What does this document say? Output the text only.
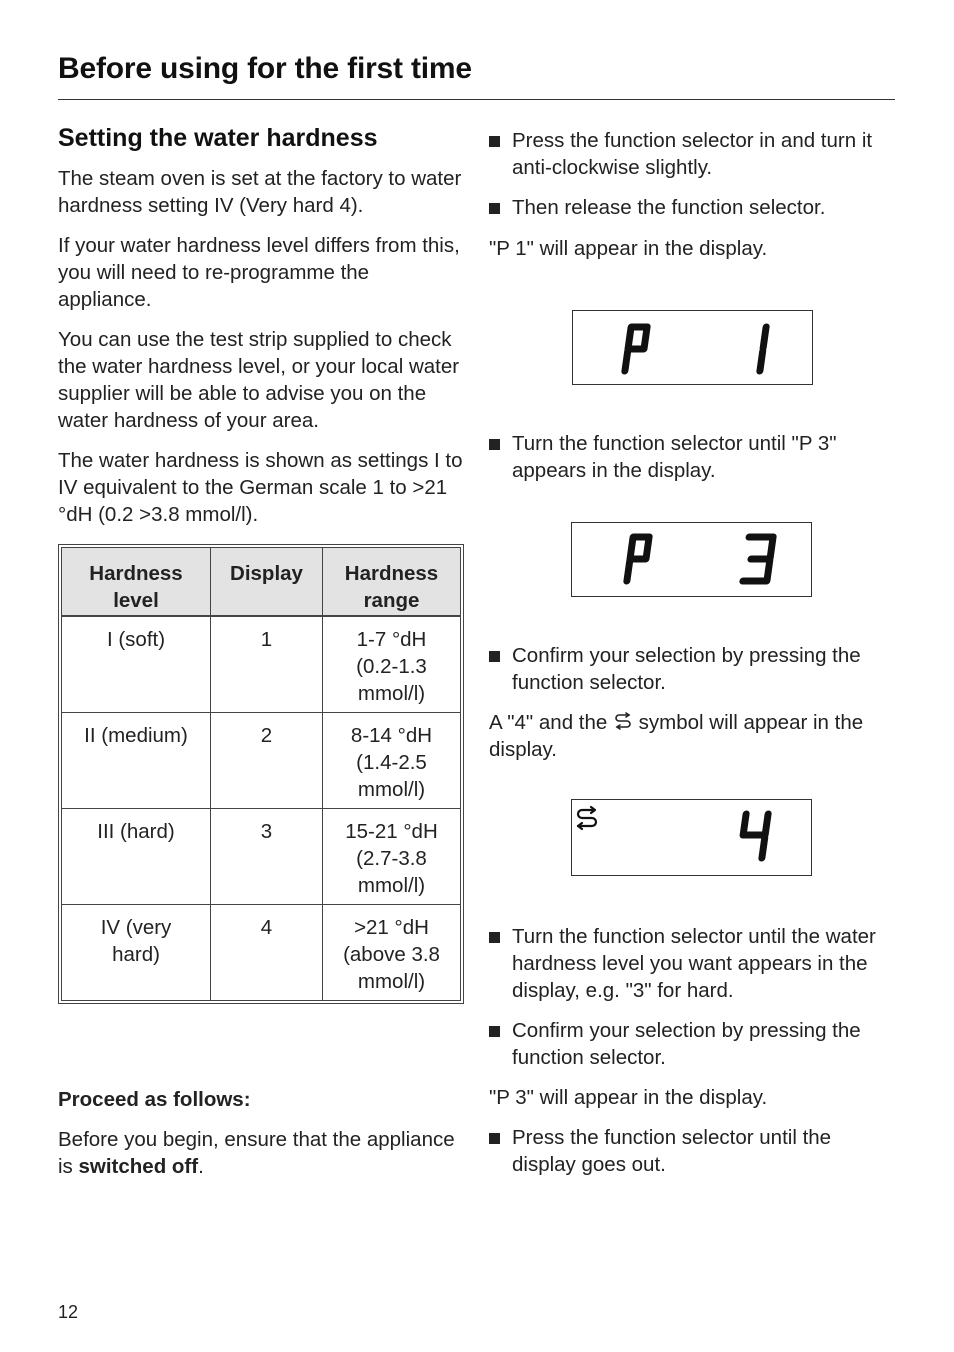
Before using for the first time
Setting the water hardness

The steam oven is set at the factory to water hardness setting IV (Very hard 4).

If your water hardness level differs from this, you will need to re-programme the appliance.

You can use the test strip supplied to check the water hardness level, or your local water supplier will be able to advise you on the water hardness of your area.

The water hardness is shown as settings I to IV equivalent to the German scale 1 to >21 °dH (0.2 >3.8 mmol/l).

Hardness
level	Display	Hardness
range

I (soft)	1	1-7 °dH
(0.2-1.3
mmol/l)
II (medium)	2	8-14 °dH
(1.4-2.5
mmol/l)
III (hard)	3	15-21 °dH
(2.7-3.8
mmol/l)
IV (very
hard)	4	>21 °dH
(above 3.8
mmol/l)

Proceed as follows:

Before you begin, ensure that the appliance is switched off.

Press the function selector in and turn it anti-clockwise slightly.
Then release the function selector.

"P 1" will appear in the display.

Turn the function selector until "P 3" appears in the display.
Confirm your selection by pressing the function selector.

A "4" and the  symbol will appear in the display.

Turn the function selector until the water hardness level you want appears in the display, e.g. "3" for hard.
Confirm your selection by pressing the function selector.

"P 3" will appear in the display.

Press the function selector until the display goes out.
12
